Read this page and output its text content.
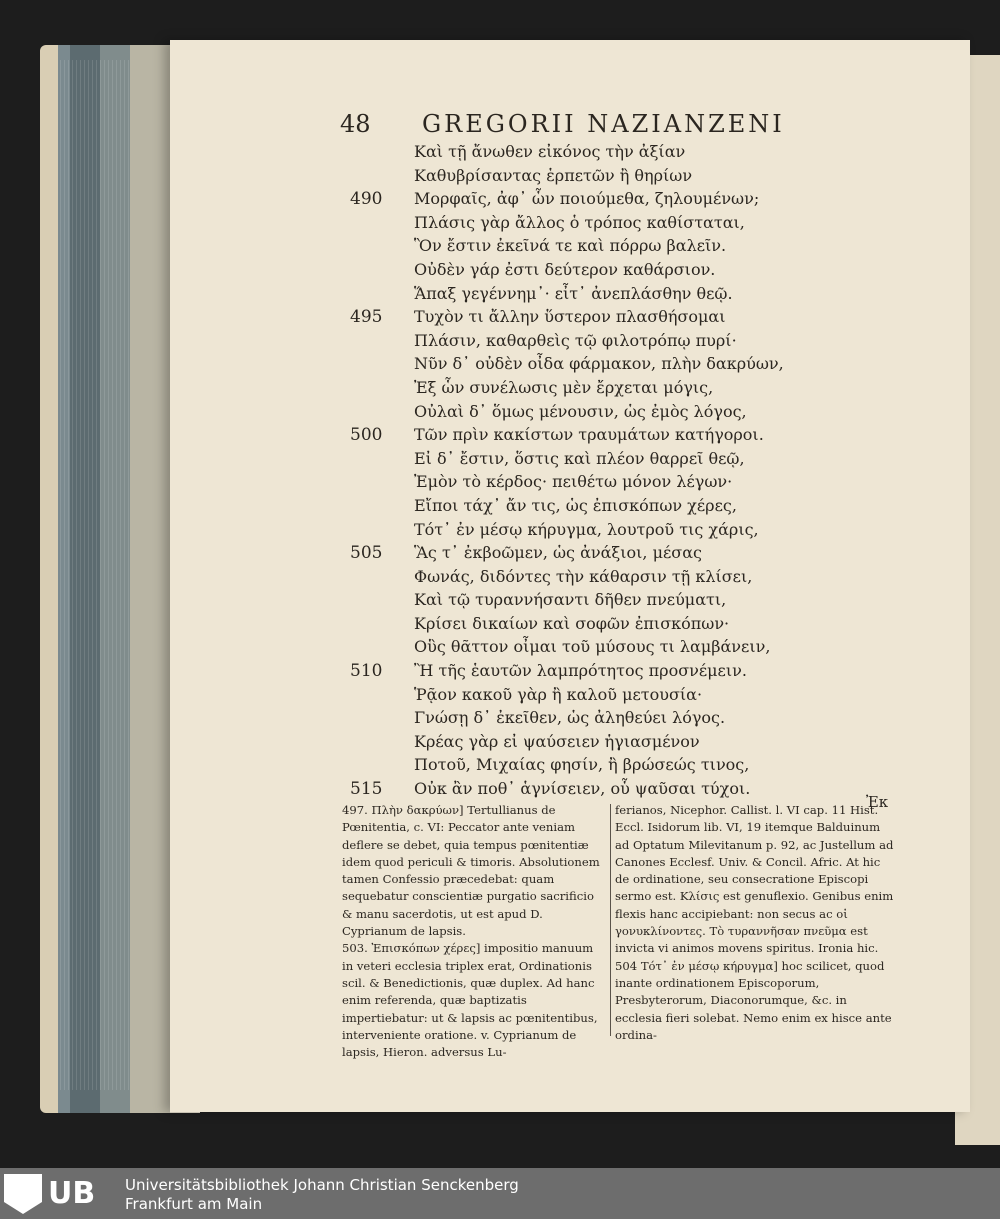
48 GREGORII NAZIANZENI
Καὶ τῇ ἄνωθεν εἰκόνος τὴν ἀξίαν
Καθυβρίσαντας ἑρπετῶν ἢ θηρίων
490	Μορφαῖς, ἀφ᾽ ὧν ποιούμεθα, ζηλουμένων;
Πλάσις γὰρ ἄλλος ὁ τρόπος καθίσταται,
Ὃν ἔστιν ἐκεῖνά τε καὶ πόρρω βαλεῖν.
Οὐδὲν γάρ ἐστι δεύτερον καθάρσιον.
Ἅπαξ γεγέννημ᾽· εἶτ᾽ ἀνεπλάσθην θεῷ.
495	Τυχὸν τι ἄλλην ὕστερον πλασθήσομαι
Πλάσιν, καθαρθεὶς τῷ φιλοτρόπῳ πυρί·
Νῦν δ᾽ οὐδὲν οἶδα φάρμακον, πλὴν δακρύων,
Ἐξ ὧν συνέλωσις μὲν ἔρχεται μόγις,
Οὐλαὶ δ᾽ ὅμως μένουσιν, ὡς ἐμὸς λόγος,
500	Τῶν πρὶν κακίστων τραυμάτων κατήγοροι.
Εἰ δ᾽ ἔστιν, ὅστις καὶ πλέον θαρρεῖ θεῷ,
Ἐμὸν τὸ κέρδος· πειθέτω μόνον λέγων·
Εἴποι τάχ᾽ ἄν τις, ὡς ἐπισκόπων χέρες,
Τότ᾽ ἐν μέσῳ κήρυγμα, λουτροῦ τις χάρις,
505	Ἃς τ᾽ ἐκβοῶμεν, ὡς ἀνάξιοι, μέσας
Φωνάς, διδόντες τὴν κάθαρσιν τῇ κλίσει,
Καὶ τῷ τυραννήσαντι δῆθεν πνεύματι,
Κρίσει δικαίων καὶ σοφῶν ἐπισκόπων·
Οὓς θᾶττον οἶμαι τοῦ μύσους τι λαμβάνειν,
510	Ἢ τῆς ἑαυτῶν λαμπρότητος προσνέμειν.
Ῥᾷον κακοῦ γὰρ ἢ καλοῦ μετουσία·
Γνώσῃ δ᾽ ἐκεῖθεν, ὡς ἀληθεύει λόγος.
Κρέας γὰρ εἰ ψαύσειεν ἡγιασμένον
Ποτοῦ, Μιχαίας φησίν, ἢ βρώσεώς τινος,
515	Οὐκ ἂν ποθ᾽ ἁγνίσειεν, οὗ ψαῦσαι τύχοι.
Ἐκ

497. Πλὴν δακρύων] Tertullianus de Pœnitentia, c. VI: Peccator ante veniam deflere se debet, quia tempus pœnitentiæ idem quod periculi & timoris. Absolutionem tamen Confessio præcedebat: quam sequebatur conscientiæ purgatio sacrificio & manu sacerdotis, ut est apud D. Cyprianum de lapsis.

503. Ἐπισκόπων χέρες] impositio manuum in veteri ecclesia triplex erat, Ordinationis scil. & Benedictionis, quæ duplex. Ad hanc enim referenda, quæ baptizatis impertiebatur: ut & lapsis ac pœnitentibus, interveniente oratione. v. Cyprianum de lapsis, Hieron. adversus Lu-

ferianos, Nicephor. Callist. l. VI cap. 11 Hist. Eccl. Isidorum lib. VI, 19 itemque Balduinum ad Optatum Milevitanum p. 92, ac Justellum ad Canones Ecclesf. Univ. & Concil. Afric. At hic de ordinatione, seu consecratione Episcopi sermo est. Κλίσις est genuflexio. Genibus enim flexis hanc accipiebant: non secus ac οἱ γονυκλίνοντες. Τὸ τυραννῆσαν πνεῦμα est invicta vi animos movens spiritus. Ironia hic.

504 Τότ᾽ ἐν μέσῳ κήρυγμα] hoc scilicet, quod inante ordinationem Episcoporum, Presbyterorum, Diaconorumque, &c. in ecclesia fieri solebat. Nemo enim ex hisce ante ordina-

UB Universitätsbibliothek Johann Christian Senckenberg
Frankfurt am Main
